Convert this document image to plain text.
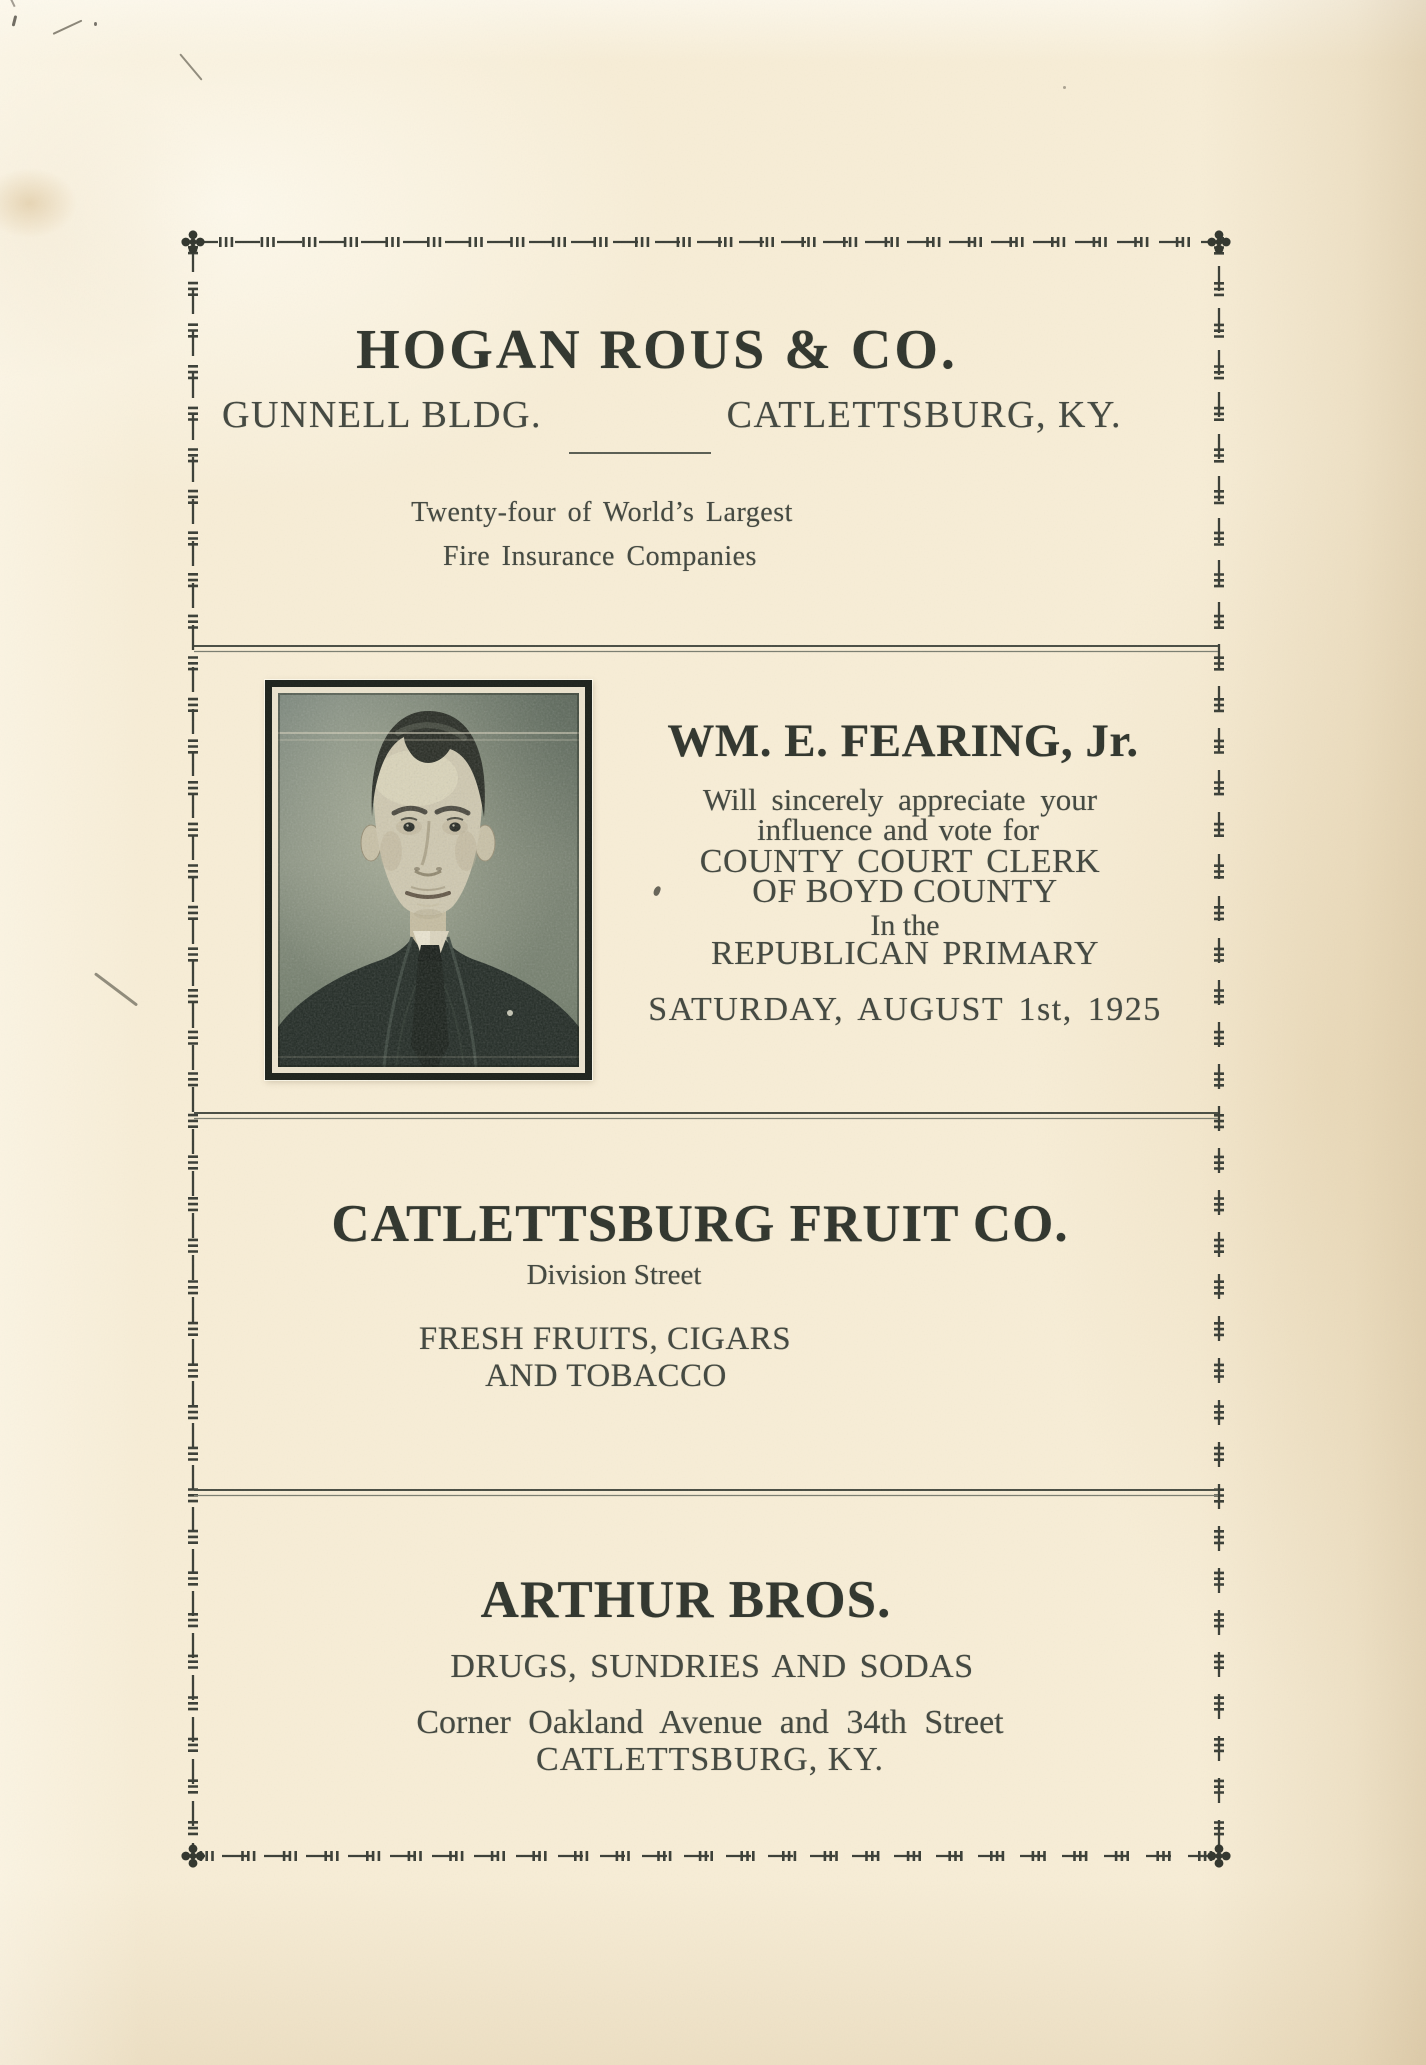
HOGAN ROUS & CO.
GUNNELL BLDG.	CATLETTSBURG, KY.
Twenty-four of World’s Largest
Fire Insurance Companies
WM. E. FEARING, Jr.
Will sincerely appreciate your
influence and vote for
COUNTY COURT CLERK
OF BOYD COUNTY
In the
REPUBLICAN PRIMARY
SATURDAY, AUGUST 1st, 1925
CATLETTSBURG FRUIT CO.
Division Street
FRESH FRUITS, CIGARS
AND TOBACCO
ARTHUR BROS.
DRUGS, SUNDRIES AND SODAS
Corner Oakland Avenue and 34th Street
CATLETTSBURG, KY.
